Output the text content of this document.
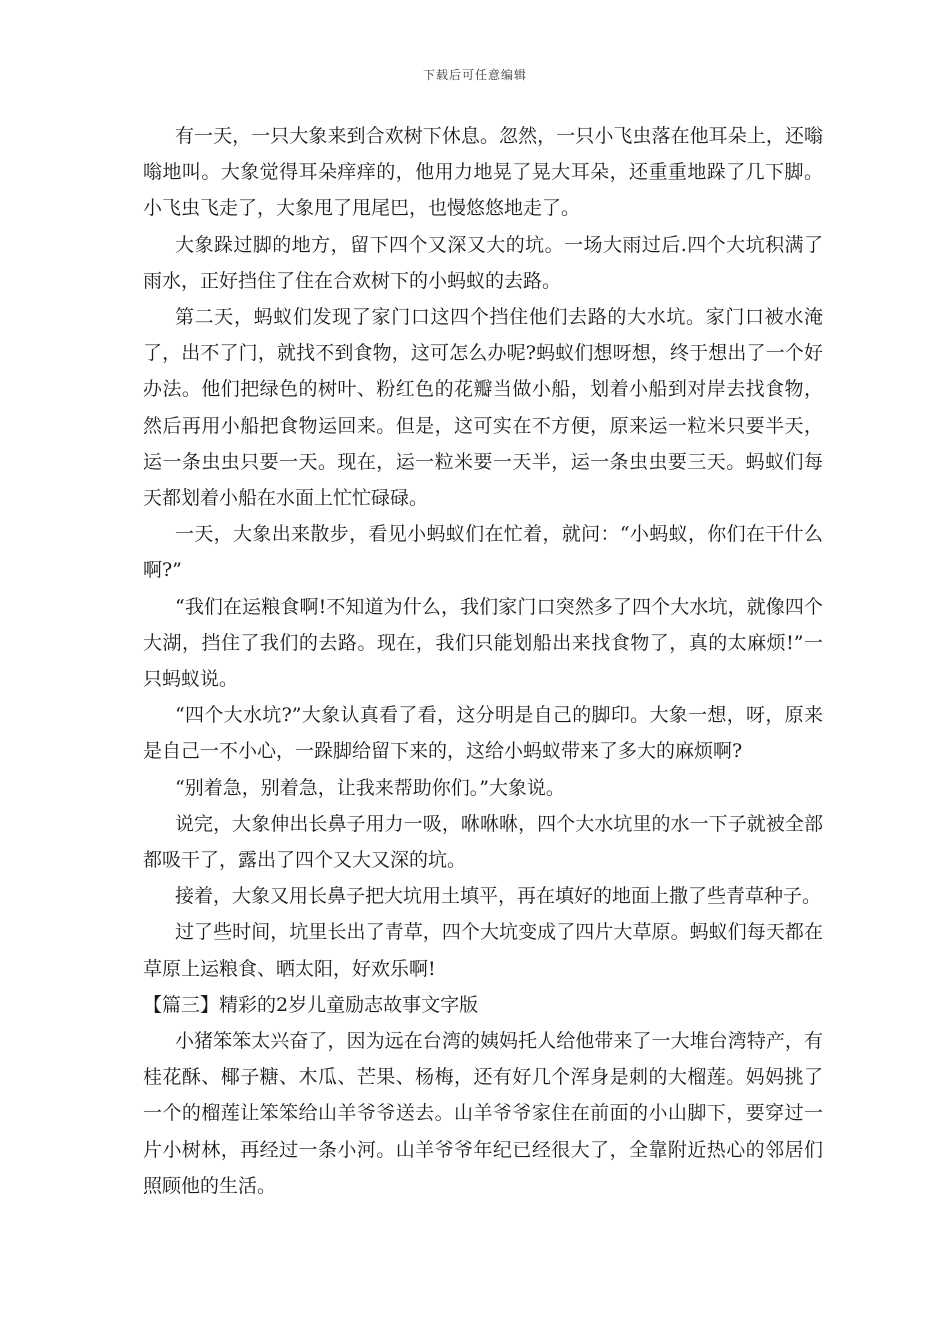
下载后可任意编辑

有一天，一只大象来到合欢树下休息。忽然，一只小飞虫落在他耳朵上，还嗡嗡地叫。大象觉得耳朵痒痒的，他用力地晃了晃大耳朵，还重重地跺了几下脚。小飞虫飞走了，大象甩了甩尾巴，也慢悠悠地走了。

大象跺过脚的地方，留下四个又深又大的坑。一场大雨过后.四个大坑积满了雨水，正好挡住了住在合欢树下的小蚂蚁的去路。

第二天，蚂蚁们发现了家门口这四个挡住他们去路的大水坑。家门口被水淹了，出不了门，就找不到食物，这可怎么办呢?蚂蚁们想呀想，终于想出了一个好办法。他们把绿色的树叶、粉红色的花瓣当做小船，划着小船到对岸去找食物，然后再用小船把食物运回来。但是，这可实在不方便，原来运一粒米只要半天，运一条虫虫只要一天。现在，运一粒米要一天半，运一条虫虫要三天。蚂蚁们每天都划着小船在水面上忙忙碌碌。

一天，大象出来散步，看见小蚂蚁们在忙着，就问：“小蚂蚁，你们在干什么啊?”

“我们在运粮食啊!不知道为什么，我们家门口突然多了四个大水坑，就像四个大湖，挡住了我们的去路。现在，我们只能划船出来找食物了，真的太麻烦!”一只蚂蚁说。

“四个大水坑?”大象认真看了看，这分明是自己的脚印。大象一想，呀，原来是自己一不小心，一跺脚给留下来的，这给小蚂蚁带来了多大的麻烦啊?

“别着急，别着急，让我来帮助你们。”大象说。

说完，大象伸出长鼻子用力一吸，咻咻咻，四个大水坑里的水一下子就被全部都吸干了，露出了四个又大又深的坑。

接着，大象又用长鼻子把大坑用土填平，再在填好的地面上撒了些青草种子。

过了些时间，坑里长出了青草，四个大坑变成了四片大草原。蚂蚁们每天都在草原上运粮食、晒太阳，好欢乐啊!

【篇三】精彩的2岁儿童励志故事文字版

小猪笨笨太兴奋了，因为远在台湾的姨妈托人给他带来了一大堆台湾特产，有桂花酥、椰子糖、木瓜、芒果、杨梅，还有好几个浑身是刺的大榴莲。妈妈挑了一个的榴莲让笨笨给山羊爷爷送去。山羊爷爷家住在前面的小山脚下，要穿过一片小树林，再经过一条小河。山羊爷爷年纪已经很大了，全靠附近热心的邻居们照顾他的生活。
